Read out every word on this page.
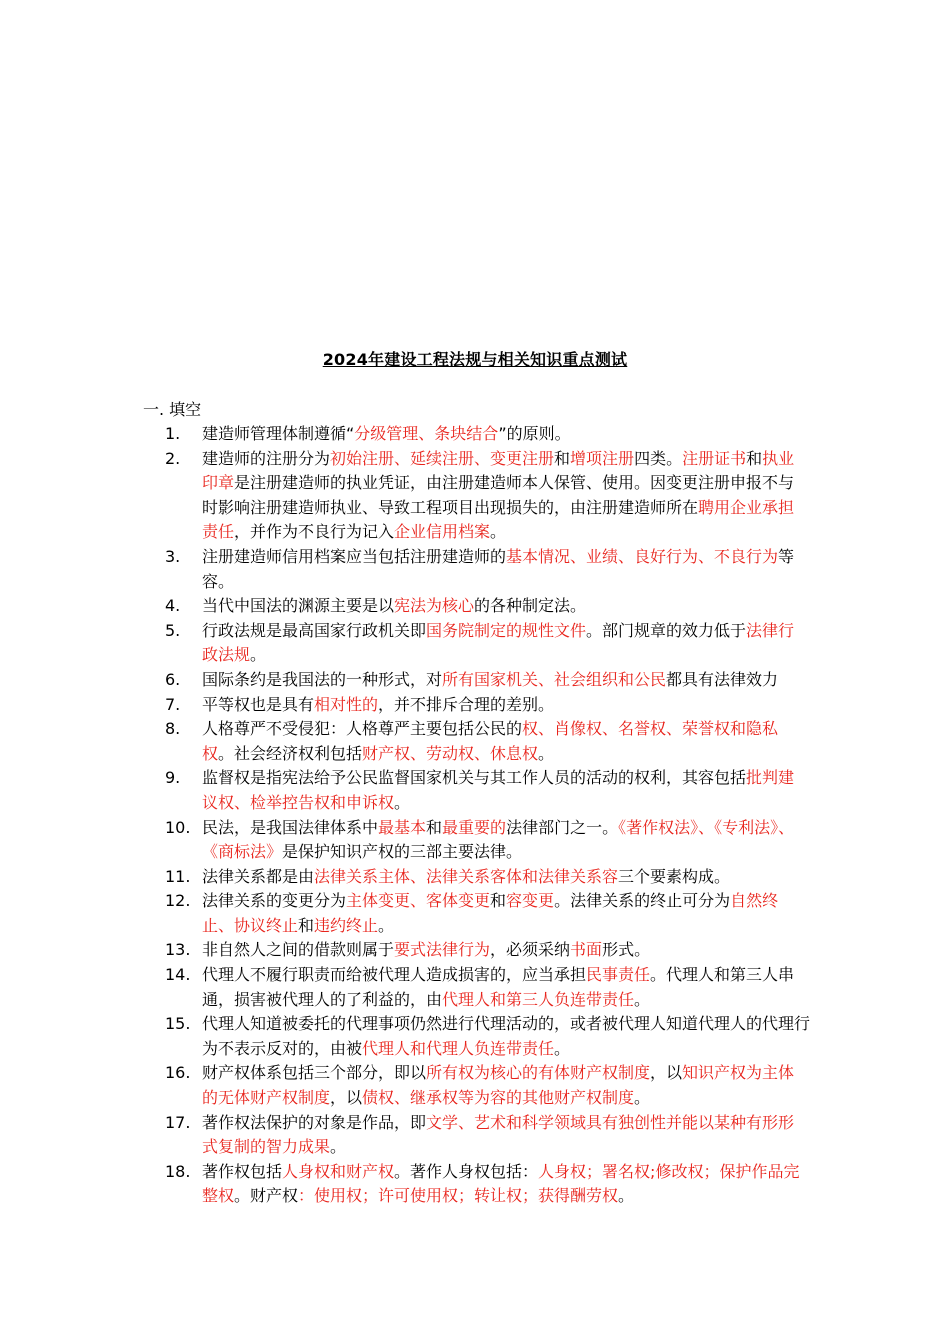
2024年建设工程法规与相关知识重点测试
一. 填空
1.	建造师管理体制遵循“分级管理、条块结合”的原则。
2.	建造师的注册分为初始注册、延续注册、变更注册和增项注册四类。注册证书和执业印章是注册建造师的执业凭证，由注册建造师本人保管、使用。因变更注册申报不与时影响注册建造师执业、导致工程项目出现损失的，由注册建造师所在聘用企业承担责任，并作为不良行为记入企业信用档案。
3.	注册建造师信用档案应当包括注册建造师的基本情况、业绩、良好行为、不良行为等容。
4.	当代中国法的渊源主要是以宪法为核心的各种制定法。
5.	行政法规是最高国家行政机关即国务院制定的规性文件。部门规章的效力低于法律行政法规。
6.	国际条约是我国法的一种形式，对所有国家机关、社会组织和公民都具有法律效力
7.	平等权也是具有相对性的，并不排斥合理的差别。
8.	人格尊严不受侵犯：人格尊严主要包括公民的权、肖像权、名誉权、荣誉权和隐私权。社会经济权利包括财产权、劳动权、休息权。
9.	监督权是指宪法给予公民监督国家机关与其工作人员的活动的权利，其容包括批判建议权、检举控告权和申诉权。
10. 民法，是我国法律体系中最基本和最重要的法律部门之一。《著作权法》、《专利法》、《商标法》是保护知识产权的三部主要法律。
11. 法律关系都是由法律关系主体、法律关系客体和法律关系容三个要素构成。
12. 法律关系的变更分为主体变更、客体变更和容变更。法律关系的终止可分为自然终止、协议终止和违约终止。
13. 非自然人之间的借款则属于要式法律行为，必须采纳书面形式。
14. 代理人不履行职责而给被代理人造成损害的，应当承担民事责任。代理人和第三人串通，损害被代理人的了利益的，由代理人和第三人负连带责任。
15. 代理人知道被委托的代理事项仍然进行代理活动的，或者被代理人知道代理人的代理行为不表示反对的，由被代理人和代理人负连带责任。
16. 财产权体系包括三个部分，即以所有权为核心的有体财产权制度，以知识产权为主体的无体财产权制度，以债权、继承权等为容的其他财产权制度。
17. 著作权法保护的对象是作品，即文学、艺术和科学领域具有独创性并能以某种有形形式复制的智力成果。
18. 著作权包括人身权和财产权。著作人身权包括：人身权；署名权;修改权；保护作品完整权。财产权：使用权；许可使用权；转让权；获得酬劳权。
